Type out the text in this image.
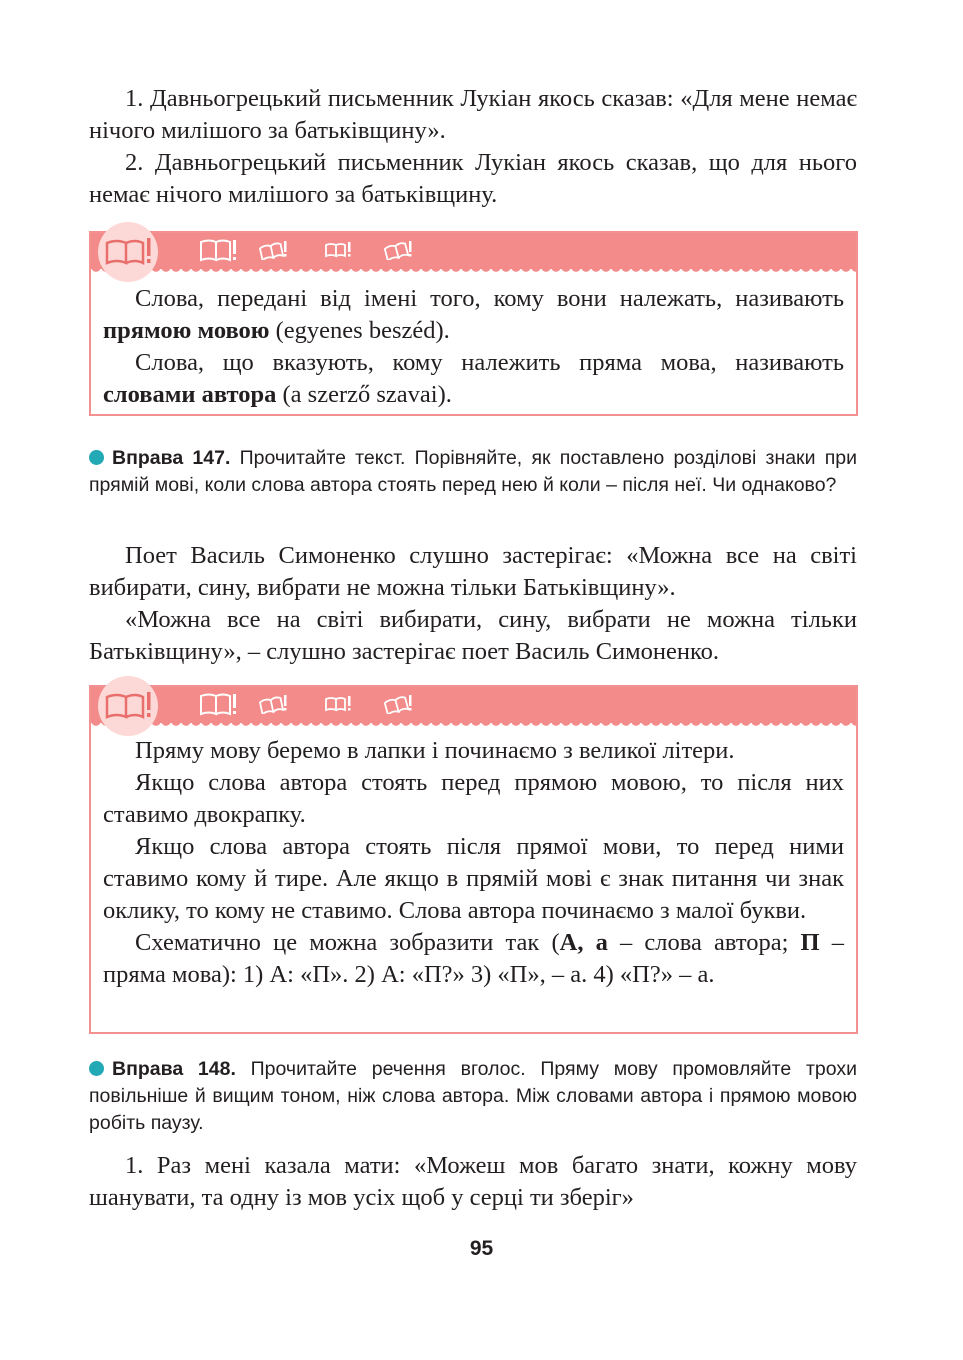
1. Давньогрецький письменник Лукіан якось сказав: «Для мене немає нічого милішого за батьківщину».

2. Давньогрецький письменник Лукіан якось сказав, що для нього немає нічого милішого за батьківщину.

Слова, передані від імені того, кому вони належать, називають прямою мовою (egyenes beszéd).

Слова, що вказують, кому належить пряма мова, називають словами автора (a szerző szavai).

Вправа 147. Прочитайте текст. Порівняйте, як поставлено розділові знаки при прямій мові, коли слова автора стоять перед нею й коли – після неї. Чи однаково?

Поет Василь Симоненко слушно застерігає: «Можна все на світі вибирати, сину, вибрати не можна тільки Батьківщину».

«Можна все на світі вибирати, сину, вибрати не можна тільки Батьківщину», – слушно застерігає поет Василь Симоненко.

Пряму мову беремо в лапки і починаємо з великої літери.

Якщо слова автора стоять перед прямою мовою, то після них ставимо двокрапку.

Якщо слова автора стоять після прямої мови, то перед ними ставимо кому й тире. Але якщо в прямій мові є знак питання чи знак оклику, то кому не ставимо. Слова автора починаємо з малої букви.

Схематично це можна зобразити так (А, а – слова автора; П – пряма мова): 1) А: «П». 2) А: «П?» 3) «П», – а. 4) «П?» – а.

Вправа 148. Прочитайте речення вголос. Пряму мову промовляйте трохи повільніше й вищим тоном, ніж слова автора. Між словами автора і прямою мовою робіть паузу.

1. Раз мені казала мати: «Можеш мов багато знати, кожну мову шанувати, та одну із мов усіх щоб у серці ти зберіг»

95
